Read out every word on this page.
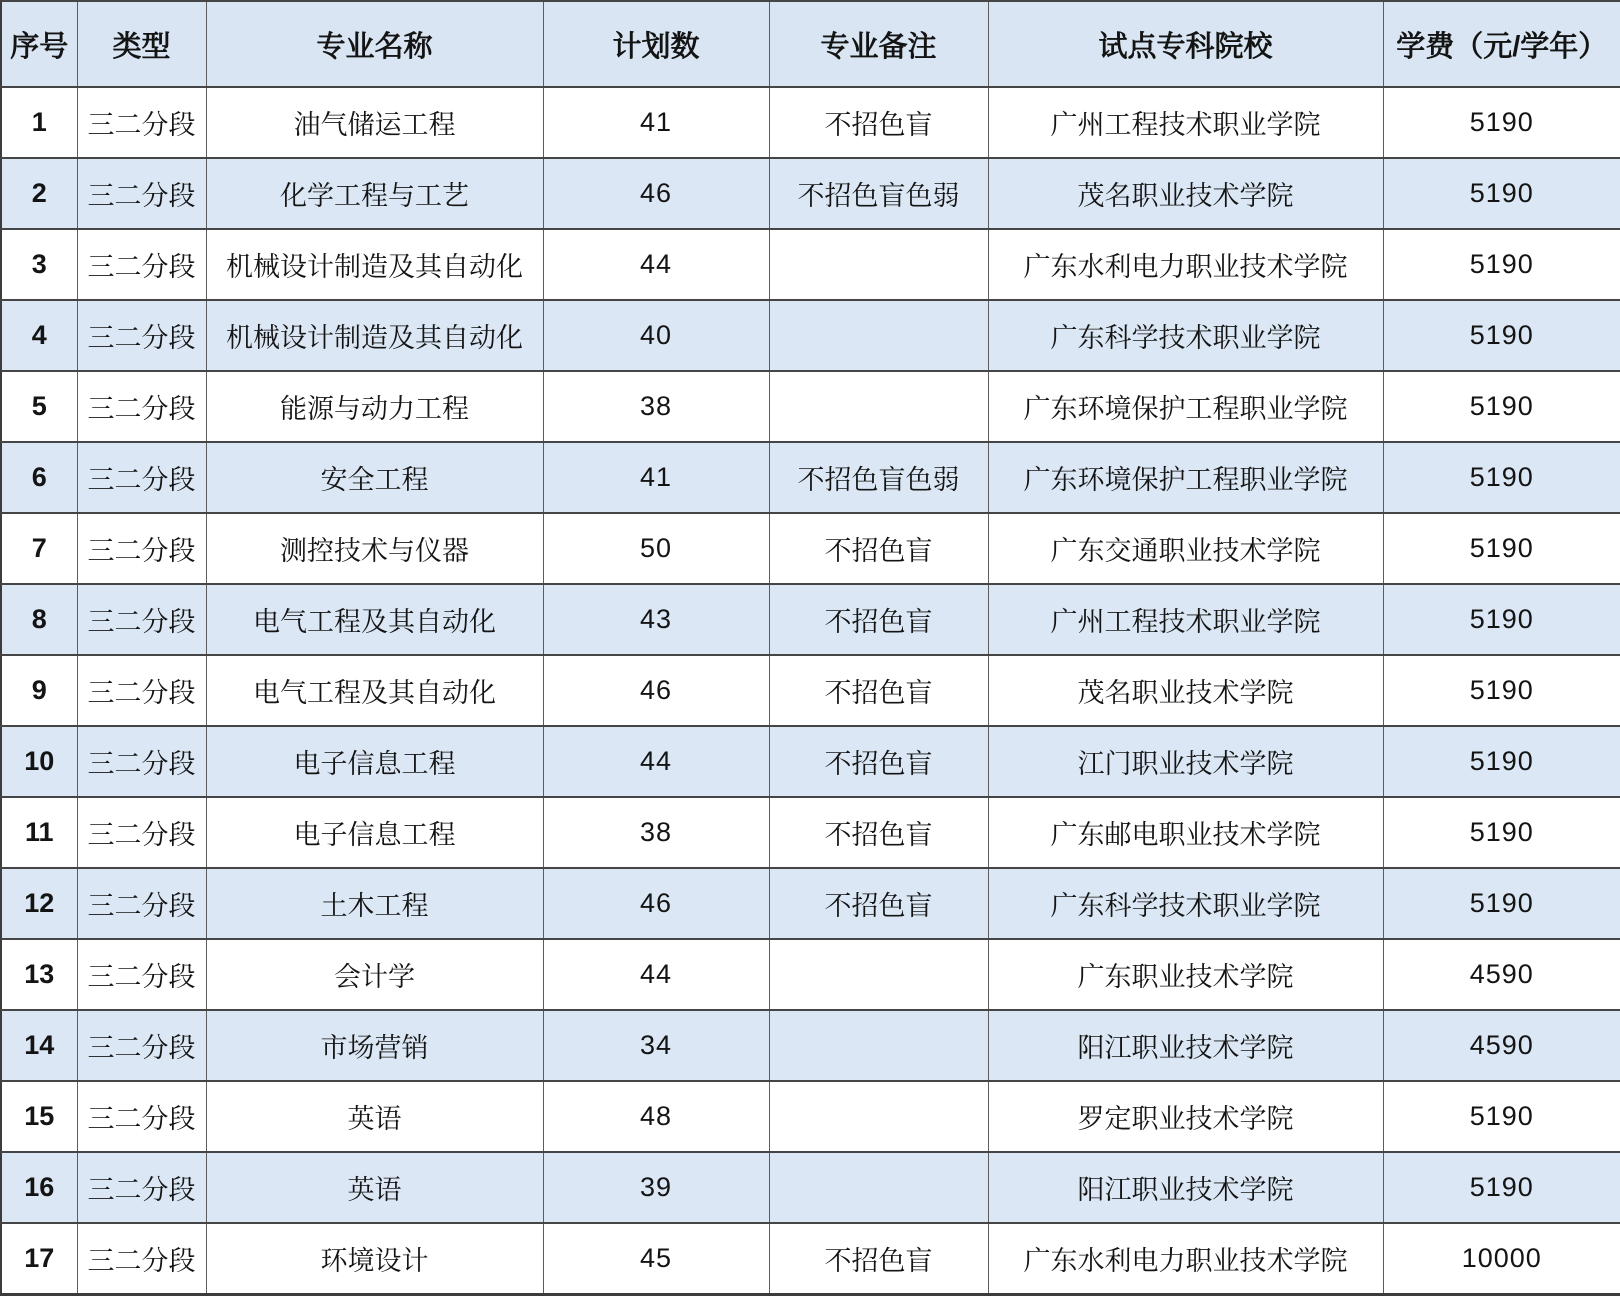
序号	类型	专业名称	计划数	专业备注	试点专科院校	学费（元/学年）
1	三二分段	油气储运工程	41	不招色盲	广州工程技术职业学院	5190
2	三二分段	化学工程与工艺	46	不招色盲色弱	茂名职业技术学院	5190
3	三二分段	机械设计制造及其自动化	44		广东水利电力职业技术学院	5190
4	三二分段	机械设计制造及其自动化	40		广东科学技术职业学院	5190
5	三二分段	能源与动力工程	38		广东环境保护工程职业学院	5190
6	三二分段	安全工程	41	不招色盲色弱	广东环境保护工程职业学院	5190
7	三二分段	测控技术与仪器	50	不招色盲	广东交通职业技术学院	5190
8	三二分段	电气工程及其自动化	43	不招色盲	广州工程技术职业学院	5190
9	三二分段	电气工程及其自动化	46	不招色盲	茂名职业技术学院	5190
10	三二分段	电子信息工程	44	不招色盲	江门职业技术学院	5190
11	三二分段	电子信息工程	38	不招色盲	广东邮电职业技术学院	5190
12	三二分段	土木工程	46	不招色盲	广东科学技术职业学院	5190
13	三二分段	会计学	44		广东职业技术学院	4590
14	三二分段	市场营销	34		阳江职业技术学院	4590
15	三二分段	英语	48		罗定职业技术学院	5190
16	三二分段	英语	39		阳江职业技术学院	5190
17	三二分段	环境设计	45	不招色盲	广东水利电力职业技术学院	10000
